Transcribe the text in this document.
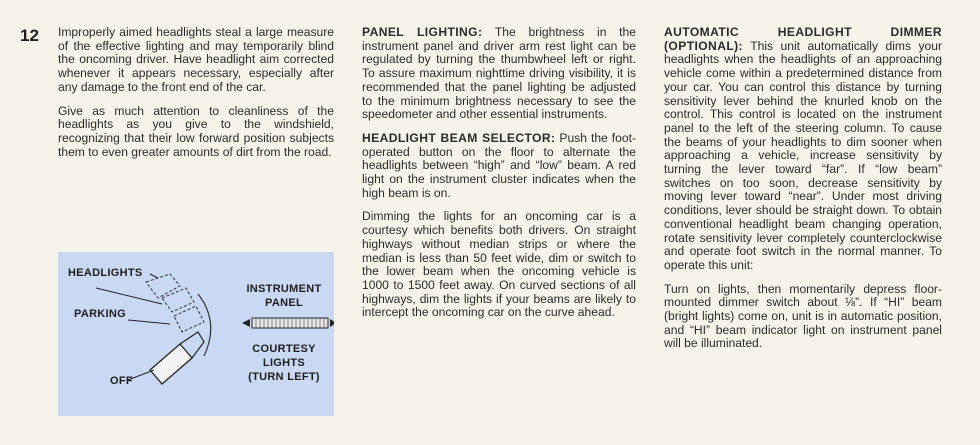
12 Improperly aimed headlights steal a large measure of the effective lighting and may temporarily blind the oncoming driver. Have headlight aim corrected whenever it appears necessary, especially after any damage to the front end of the car.

Give as much attention to cleanliness of the headlights as you give to the windshield, recognizing that their low forward position subjects them to even greater amounts of dirt from the road.

HEADLIGHTS
PARKING
OFF
INSTRUMENT
PANEL
COURTESY
LIGHTS
(TURN LEFT)

PANEL LIGHTING: The brightness in the instrument panel and driver arm rest light can be regulated by turning the thumbwheel left or right. To assure maximum nighttime driving visibility, it is recommended that the panel lighting be adjusted to the minimum brightness necessary to see the speedometer and other essential instruments.

HEADLIGHT BEAM SELECTOR: Push the foot-operated button on the floor to alternate the headlights between “high” and “low” beam. A red light on the instrument cluster indicates when the high beam is on.

Dimming the lights for an oncoming car is a courtesy which benefits both drivers. On straight highways without median strips or where the median is less than 50 feet wide, dim or switch to the lower beam when the oncoming vehicle is 1000 to 1500 feet away. On curved sections of all highways, dim the lights if your beams are likely to intercept the oncoming car on the curve ahead.

AUTOMATIC HEADLIGHT DIMMER (OPTIONAL): This unit automatically dims your headlights when the headlights of an approaching vehicle come within a predetermined distance from your car. You can control this distance by turning sensitivity lever behind the knurled knob on the control. This control is located on the instrument panel to the left of the steering column. To cause the beams of your headlights to dim sooner when approaching a vehicle, increase sensitivity by turning the lever toward “far”. If “low beam” switches on too soon, decrease sensitivity by moving lever toward “near”. Under most driving conditions, lever should be straight down. To obtain conventional headlight beam changing operation, rotate sensitivity lever completely counterclockwise and operate foot switch in the normal manner. To operate this unit:

Turn on lights, then momentarily depress floor-mounted dimmer switch about ⅛”. If “HI” beam (bright lights) come on, unit is in automatic position, and “HI” beam indicator light on instrument panel will be illuminated.
